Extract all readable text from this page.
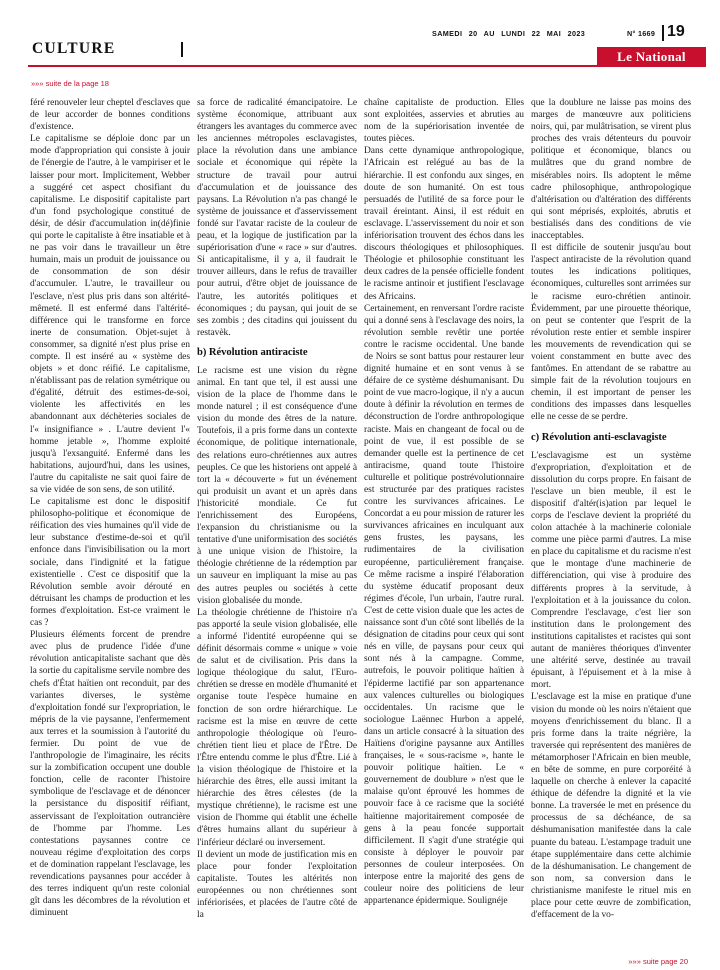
CULTURE
SAMEDI 20 AU LUNDI 22 MAI 2023	N° 1669 19
Le National
»»» suite de la page 18

féré renouveler leur cheptel d'esclaves que de leur accorder de bonnes conditions d'existence.

Le capitalisme se déploie donc par un mode d'appropriation qui consiste à jouir de l'énergie de l'autre, à le vampiriser et le laisser pour mort. Implicitement, Webber a suggéré cet aspect chosifiant du capitalisme. Le dispositif capitaliste part d'un fond psychologique constitué de désir, de désir d'accumulation in(dé)finie qui porte le capitaliste à être insatiable et à ne pas voir dans le travailleur un être humain, mais un produit de jouissance ou de consommation de son désir d'accumuler. L'autre, le travailleur ou l'esclave, n'est plus pris dans son altérité-mêmeté. Il est enfermé dans l'altérité-différence qui le transforme en force inerte de consumation. Objet-sujet à consommer, sa dignité n'est plus prise en compte. Il est inséré au « système des objets » et donc réifié. Le capitalisme, n'établissant pas de relation symétrique ou d'égalité, détruit des estimes-de-soi, violente les affectivités en les abandonnant aux déchèteries sociales de l'« insignifiance » . L'autre devient l'« homme jetable », l'homme exploité jusqu'à l'exsanguité. Enfermé dans les habitations, aujourd'hui, dans les usines, l'autre du capitaliste ne sait quoi faire de sa vie vidée de son sens, de son utilité.

Le capitalisme est donc le dispositif philosopho-politique et économique de réification des vies humaines qu'il vide de leur substance d'estime-de-soi et qu'il enfonce dans l'invisibilisation ou la mort sociale, dans l'indignité et la fatigue existentielle . C'est ce dispositif que la Révolution semble avoir dérouté en détruisant les champs de production et les formes d'exploitation. Est-ce vraiment le cas ?

Plusieurs éléments forcent de prendre avec plus de prudence l'idée d'une révolution anticapitaliste sachant que dès la sortie du capitalisme servile nombre des chefs d'État haïtien ont reconduit, par des variantes diverses, le système d'exploitation fondé sur l'expropriation, le mépris de la vie paysanne, l'enfermement aux terres et la soumission à l'autorité du fermier. Du point de vue de l'anthropologie de l'imaginaire, les récits sur la zombification occupent une double fonction, celle de raconter l'histoire symbolique de l'esclavage et de dénoncer la persistance du dispositif réifiant, asservissant de l'exploitation outrancière de l'homme par l'homme. Les contestations paysannes contre ce nouveau régime d'exploitation des corps et de domination rappelant l'esclavage, les revendications paysannes pour accéder à des terres indiquent qu'un reste colonial gît dans les décombres de la révolution et diminuent

sa force de radicalité émancipatoire. Le système économique, attribuant aux étrangers les avantages du commerce avec les anciennes métropoles esclavagistes, place la révolution dans une ambiance sociale et économique qui répète la structure de travail pour autrui d'accumulation et de jouissance des paysans. La Révolution n'a pas changé le système de jouissance et d'asservissement fondé sur l'avatar raciste de la couleur de peau, et la logique de justification par la supériorisation d'une « race » sur d'autres. Si anticapitalisme, il y a, il faudrait le trouver ailleurs, dans le refus de travailler pour autrui, d'être objet de jouissance de l'autre, les autorités politiques et économiques ; du paysan, qui jouit de se ses zombis ; des citadins qui jouissent du restavèk.

b) Révolution antiraciste

Le racisme est une vision du règne animal. En tant que tel, il est aussi une vision de la place de l'homme dans le monde naturel ; il est conséquence d'une vision du monde des êtres de la nature. Toutefois, il a pris forme dans un contexte économique, de politique internationale, des relations euro-chrétiennes aux autres peuples. Ce que les historiens ont appelé à tort la « découverte » fut un événement qui produisit un avant et un après dans l'historicité mondiale. Ce fut l'enrichissement des Européens, l'expansion du christianisme ou la tentative d'une uniformisation des sociétés à une unique vision de l'histoire, la théologie chrétienne de la rédemption par un sauveur en impliquant la mise au pas des autres peuples ou sociétés à cette vision globalisée du monde.

La théologie chrétienne de l'histoire n'a pas apporté la seule vision globalisée, elle a informé l'identité européenne qui se définit désormais comme « unique » voie de salut et de civilisation. Pris dans la logique théologique du salut, l'Euro-chrétien se dresse en modèle d'humanité et organise toute l'espèce humaine en fonction de son ordre hiérarchique. Le racisme est la mise en œuvre de cette anthropologie théologique où l'euro-chrétien tient lieu et place de l'Être. De l'Être entendu comme le plus d'Être. Lié à la vision théologique de l'histoire et la hiérarchie des êtres, elle aussi imitant la hiérarchie des êtres célestes (de la mystique chrétienne), le racisme est une vision de l'homme qui établit une échelle d'êtres humains allant du supérieur à l'inférieur déclaré ou inversement.

Il devient un mode de justification mis en place pour fonder l'exploitation capitaliste. Toutes les altérités non européennes ou non chrétiennes sont infériorisées, et placées de l'autre côté de la

chaîne capitaliste de production. Elles sont exploitées, asservies et abruties au nom de la supériorisation inventée de toutes pièces.

Dans cette dynamique anthropologique, l'Africain est relégué au bas de la hiérarchie. Il est confondu aux singes, en doute de son humanité. On est tous persuadés de l'utilité de sa force pour le travail éreintant. Ainsi, il est réduit en esclavage. L'asservissement du noir et son infériorisation trouvent des échos dans les discours théologiques et philosophiques. Théologie et philosophie constituant les deux cadres de la pensée officielle fondent le racisme antinoir et justifient l'esclavage des Africains.

Certainement, en renversant l'ordre raciste qui a donné sens à l'esclavage des noirs, la révolution semble revêtir une portée contre le racisme occidental. Une bande de Noirs se sont battus pour restaurer leur dignité humaine et en sont venus à se défaire de ce système déshumanisant. Du point de vue macro-logique, il n'y a aucun doute à définir la révolution en termes de déconstruction de l'ordre anthropologique raciste. Mais en changeant de focal ou de point de vue, il est possible de se demander quelle est la pertinence de cet antiracisme, quand toute l'histoire culturelle et politique postrévolutionnaire est structurée par des pratiques racistes contre les survivances africaines. Le Concordat a eu pour mission de raturer les survivances africaines en inculquant aux gens frustes, les paysans, les rudimentaires de la civilisation européenne, particulièrement française. Ce même racisme a inspiré l'élaboration du système éducatif proposant deux régimes d'école, l'un urbain, l'autre rural. C'est de cette vision duale que les actes de naissance sont d'un côté sont libellés de la désignation de citadins pour ceux qui sont nés en ville, de paysans pour ceux qui sont nés à la campagne. Comme, autrefois, le pouvoir politique haïtien à l'épiderme lactifié par son appartenance aux valences culturelles ou biologiques occidentales. Un racisme que le sociologue Laënnec Hurbon a appelé, dans un article consacré à la situation des Haïtiens d'origine paysanne aux Antilles françaises, le « sous-racisme », hante le pouvoir politique haïtien. Le « gouvernement de doublure » n'est que le malaise qu'ont éprouvé les hommes de pouvoir face à ce racisme que la société haïtienne majoritairement composée de gens à la peau foncée supportait difficilement. Il s'agit d'une stratégie qui consiste à déployer le pouvoir par personnes de couleur interposées. On interpose entre la majorité des gens de couleur noire des politiciens de leur appartenance épidermique. Soulignéje

que la doublure ne laisse pas moins des marges de manœuvre aux politiciens noirs, qui, par mulâtrisation, se virent plus proches des vrais détenteurs du pouvoir politique et économique, blancs ou mulâtres que du grand nombre de misérables noirs. Ils adoptent le même cadre philosophique, anthropologique d'altérisation ou d'altération des différents qui sont méprisés, exploités, abrutis et bestialisés dans des conditions de vie inacceptables.

Il est difficile de soutenir jusqu'au bout l'aspect antiraciste de la révolution quand toutes les indications politiques, économiques, culturelles sont arrimées sur le racisme euro-chrétien antinoir. Évidemment, par une pirouette théorique, on peut se contenter que l'esprit de la révolution reste entier et semble inspirer les mouvements de revendication qui se voient constamment en butte avec des fantômes. En attendant de se rabattre au simple fait de la révolution toujours en chemin, il est important de penser les conditions des impasses dans lesquelles elle ne cesse de se perdre.

c) Révolution anti-esclavagiste

L'esclavagisme est un système d'expropriation, d'exploitation et de dissolution du corps propre. En faisant de l'esclave un bien meuble, il est le dispositif d'altér(is)ation par lequel le corps de l'esclave devient la propriété du colon attachée à la machinerie coloniale comme une pièce parmi d'autres. La mise en place du capitalisme et du racisme n'est que le montage d'une machinerie de différenciation, qui vise à produire des différents propres à la servitude, à l'exploitation et à la jouissance du colon. Comprendre l'esclavage, c'est lier son institution dans le prolongement des institutions capitalistes et racistes qui sont autant de manières théoriques d'inventer une altérité serve, destinée au travail épuisant, à l'épuisement et à la mise à mort.

L'esclavage est la mise en pratique d'une vision du monde où les noirs n'étaient que moyens d'enrichissement du blanc. Il a pris forme dans la traite négrière, la traversée qui représentent des manières de métamorphoser l'Africain en bien meuble, en bête de somme, en pure corporéité à laquelle on cherche à enlever la capacité éthique de défendre la dignité et la vie bonne. La traversée le met en présence du processus de sa déchéance, de sa déshumanisation manifestée dans la cale puante du bateau. L'estampage traduit une étape supplémentaire dans cette alchimie de la déshumanisation. Le changement de son nom, sa conversion dans le christianisme manifeste le rituel mis en place pour cette œuvre de zombification, d'effacement de la vo-

»»» suite page 20
